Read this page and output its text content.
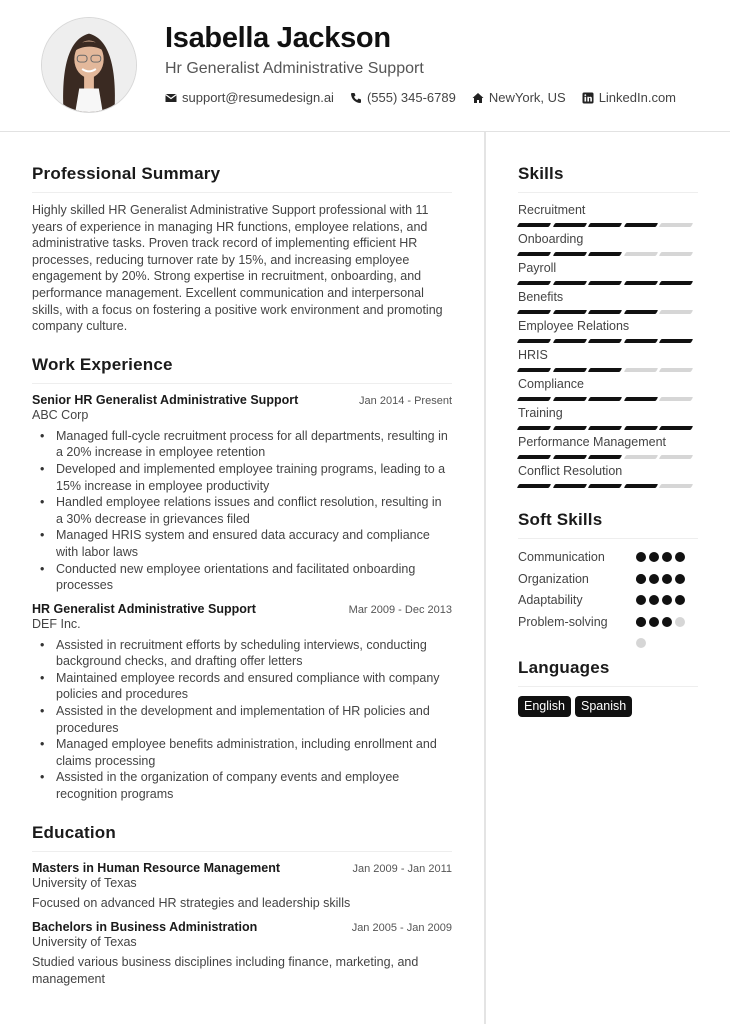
Isabella Jackson
Hr Generalist Administrative Support
support@resumedesign.ai	(555) 345-6789	NewYork, US	LinkedIn.com
Professional Summary

Highly skilled HR Generalist Administrative Support professional with 11 years of experience in managing HR functions, employee relations, and administrative tasks. Proven track record of implementing efficient HR processes, reducing turnover rate by 15%, and increasing employee engagement by 20%. Strong expertise in recruitment, onboarding, and performance management. Excellent communication and interpersonal skills, with a focus on fostering a positive work environment and promoting company culture.

Work Experience
Senior HR Generalist Administrative Support	Jan 2014 - Present
ABC Corp
• Managed full-cycle recruitment process for all departments, resulting in a 20% increase in employee retention
• Developed and implemented employee training programs, leading to a 15% increase in employee productivity
• Handled employee relations issues and conflict resolution, resulting in a 30% decrease in grievances filed
• Managed HRIS system and ensured data accuracy and compliance with labor laws
• Conducted new employee orientations and facilitated onboarding processes
HR Generalist Administrative Support	Mar 2009 - Dec 2013
DEF Inc.
• Assisted in recruitment efforts by scheduling interviews, conducting background checks, and drafting offer letters
• Maintained employee records and ensured compliance with company policies and procedures
• Assisted in the development and implementation of HR policies and procedures
• Managed employee benefits administration, including enrollment and claims processing
• Assisted in the organization of company events and employee recognition programs
Education
Masters in Human Resource Management	Jan 2009 - Jan 2011
University of Texas
Focused on advanced HR strategies and leadership skills
Bachelors in Business Administration	Jan 2005 - Jan 2009
University of Texas
Studied various business disciplines including finance, marketing, and management
Skills
Recruitment
Onboarding
Payroll
Benefits
Employee Relations
HRIS
Compliance
Training
Performance Management
Conflict Resolution
Soft Skills
Communication
Organization
Adaptability
Problem-solving
Languages
English	Spanish
